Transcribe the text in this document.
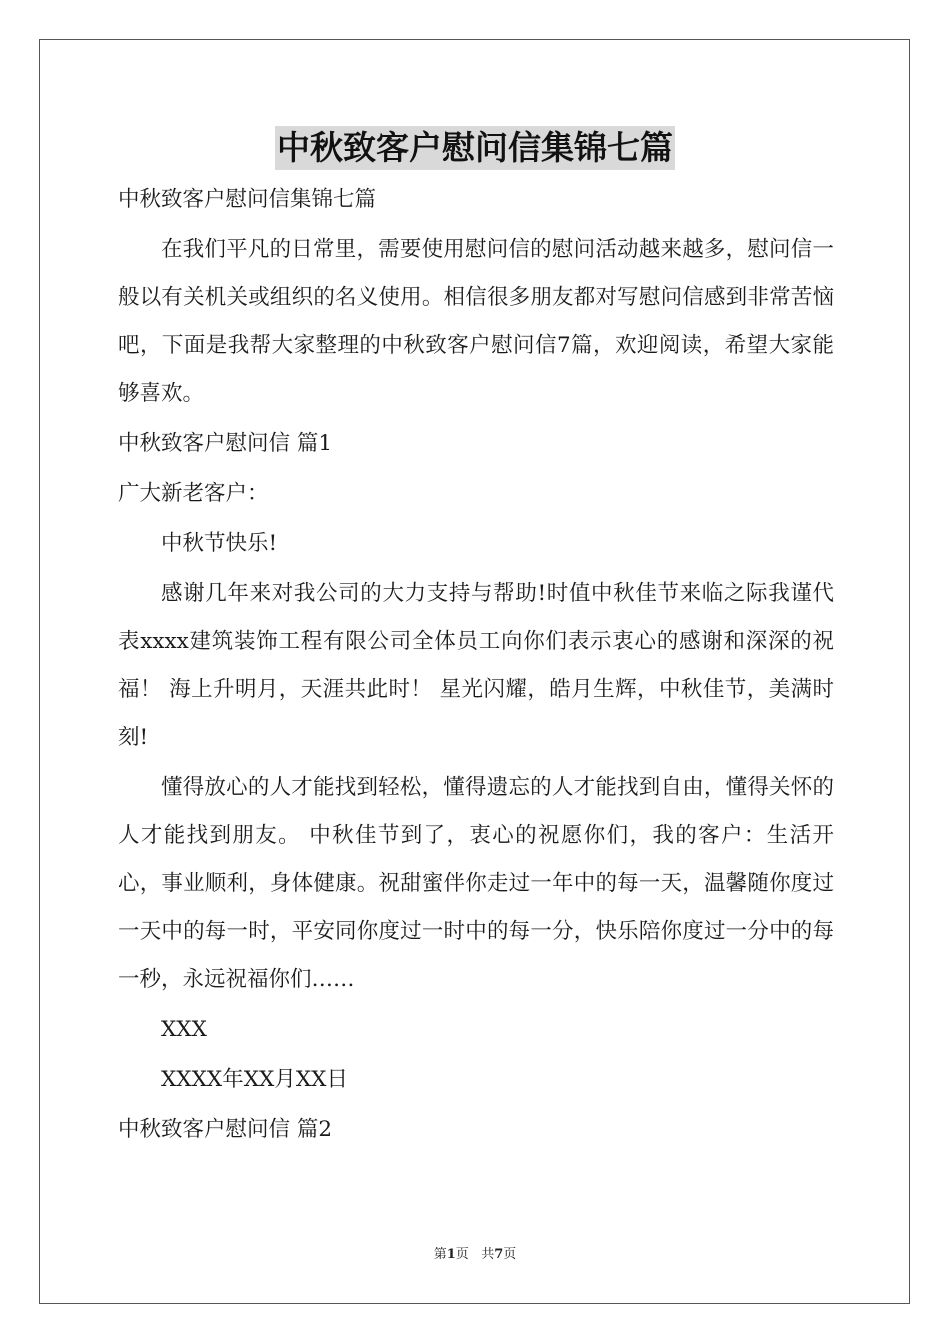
中秋致客户慰问信集锦七篇

中秋致客户慰问信集锦七篇

在我们平凡的日常里，需要使用慰问信的慰问活动越来越多，慰问信一般以有关机关或组织的名义使用。相信很多朋友都对写慰问信感到非常苦恼吧，下面是我帮大家整理的中秋致客户慰问信7篇，欢迎阅读，希望大家能够喜欢。

中秋致客户慰问信 篇1

广大新老客户：

中秋节快乐!

感谢几年来对我公司的大力支持与帮助!时值中秋佳节来临之际我谨代表xxxx建筑装饰工程有限公司全体员工向你们表示衷心的感谢和深深的祝福！ 海上升明月，天涯共此时！ 星光闪耀，皓月生辉，中秋佳节，美满时刻!

懂得放心的人才能找到轻松，懂得遗忘的人才能找到自由，懂得关怀的人才能找到朋友。 中秋佳节到了，衷心的祝愿你们，我的客户：生活开心，事业顺利，身体健康。祝甜蜜伴你走过一年中的每一天，温馨随你度过一天中的每一时，平安同你度过一时中的每一分，快乐陪你度过一分中的每一秒，永远祝福你们……

XXX

XXXX年XX月XX日

中秋致客户慰问信 篇2

第1页 共7页
